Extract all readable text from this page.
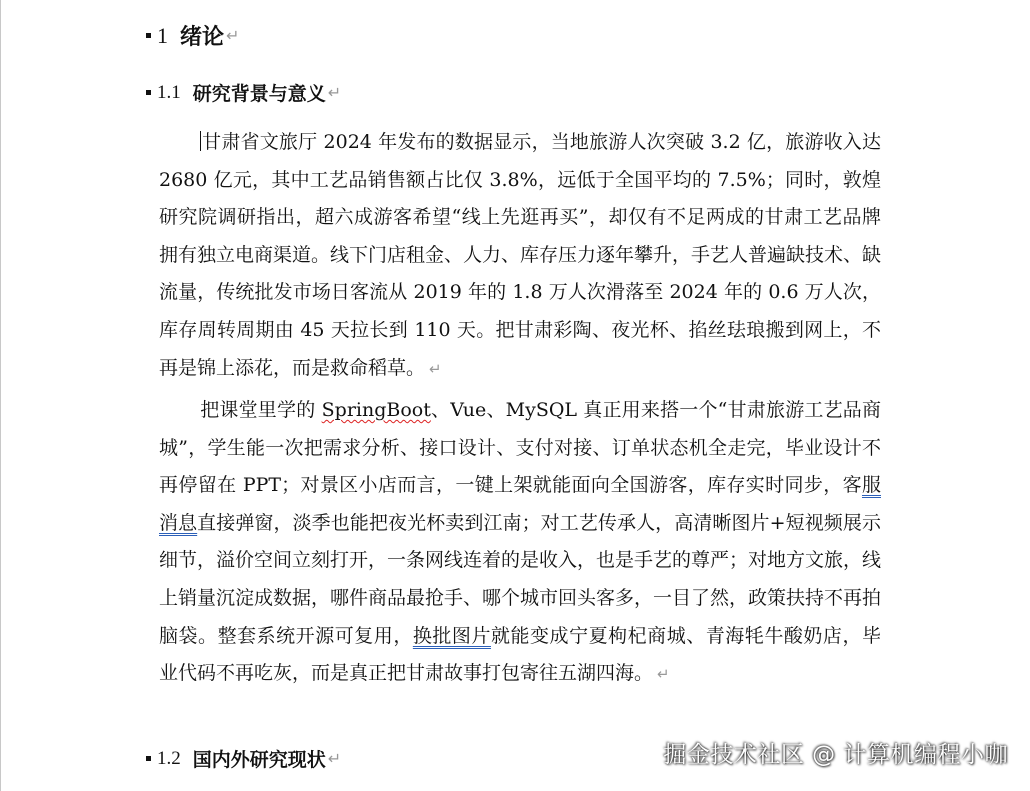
1 绪论 ↵
1.1 研究背景与意义 ↵

甘肃省文旅厅 2024 年发布的数据显示，当地旅游人次突破 3.2 亿，旅游收入达 2680 亿元，其中工艺品销售额占比仅 3.8%，远低于全国平均的 7.5%；同时，敦煌研究院调研指出，超六成游客希望“线上先逛再买”，却仅有不足两成的甘肃工艺品牌拥有独立电商渠道。线下门店租金、人力、库存压力逐年攀升，手艺人普遍缺技术、缺流量，传统批发市场日客流从 2019 年的 1.8 万人次滑落至 2024 年的 0.6 万人次，库存周转周期由 45 天拉长到 110 天。把甘肃彩陶、夜光杯、掐丝珐琅搬到网上，不再是锦上添花，而是救命稻草。 ↵

把课堂里学的 SpringBoot、Vue、MySQL 真正用来搭一个“甘肃旅游工艺品商城”，学生能一次把需求分析、接口设计、支付对接、订单状态机全走完，毕业设计不再停留在 PPT；对景区小店而言，一键上架就能面向全国游客，库存实时同步，客服消息直接弹窗，淡季也能把夜光杯卖到江南；对工艺传承人，高清晰图片+短视频展示细节，溢价空间立刻打开，一条网线连着的是收入，也是手艺的尊严；对地方文旅，线上销量沉淀成数据，哪件商品最抢手、哪个城市回头客多，一目了然，政策扶持不再拍脑袋。整套系统开源可复用，换批图片就能变成宁夏枸杞商城、青海牦牛酸奶店，毕业代码不再吃灰，而是真正把甘肃故事打包寄往五湖四海。 ↵

1.2 国内外研究现状 ↵	掘金技术社区 @ 计算机编程小咖
